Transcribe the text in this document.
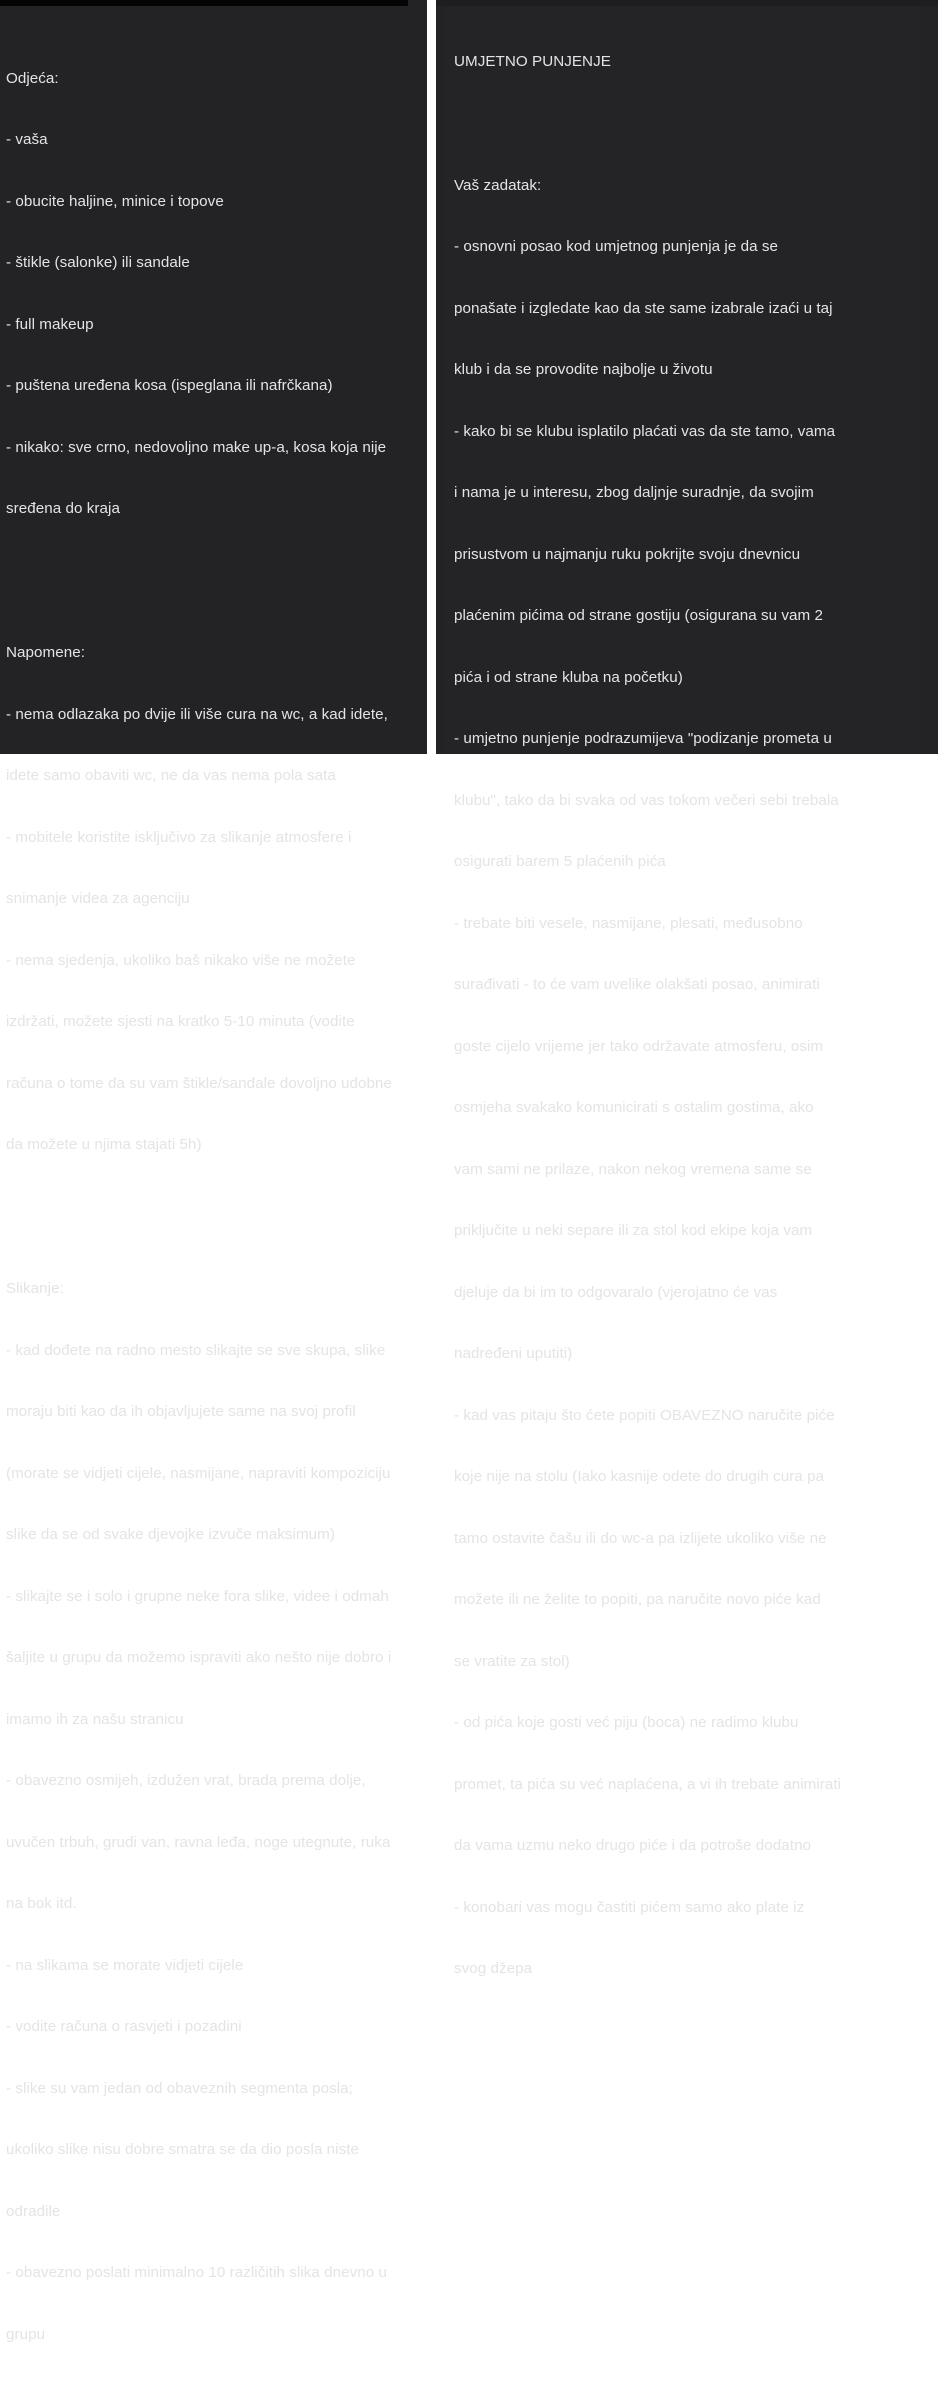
Odjeća:

- vaša

- obucite haljine, minice i topove

- štikle (salonke) ili sandale

- full makeup

- puštena uređena kosa (ispeglana ili nafrčkana)

- nikako: sve crno, nedovoljno make up-a, kosa koja nije

sređena do kraja

Napomene:

- nema odlazaka po dvije ili više cura na wc, a kad idete,

idete samo obaviti wc, ne da vas nema pola sata

- mobitele koristite isključivo za slikanje atmosfere i

snimanje videa za agenciju

- nema sjedenja, ukoliko baš nikako više ne možete

izdržati, možete sjesti na kratko 5-10 minuta (vodite

računa o tome da su vam štikle/sandale dovoljno udobne

da možete u njima stajati 5h)

Slikanje:

- kad dođete na radno mesto slikajte se sve skupa, slike

moraju biti kao da ih objavljujete same na svoj profil

(morate se vidjeti cijele, nasmijane, napraviti kompoziciju

slike da se od svake djevojke izvuče maksimum)

- slikajte se i solo i grupne neke fora slike, videe i odmah

šaljite u grupu da možemo ispraviti ako nešto nije dobro i

imamo ih za našu stranicu

- obavezno osmijeh, izdužen vrat, brada prema dolje,

uvučen trbuh, grudi van, ravna leđa, noge utegnute, ruka

na bok itd.

- na slikama se morate vidjeti cijele

- vodite računa o rasvjeti i pozadini

- slike su vam jedan od obaveznih segmenta posla;

ukoliko slike nisu dobre smatra se da dio posla niste

odradile

- obavezno poslati minimalno 10 različitih slika dnevno u

grupu

UMJETNO PUNJENJE

Vaš zadatak:

- osnovni posao kod umjetnog punjenja je da se

ponašate i izgledate kao da ste same izabrale izaći u taj

klub i da se provodite najbolje u životu

- kako bi se klubu isplatilo plaćati vas da ste tamo, vama

i nama je u interesu, zbog daljnje suradnje, da svojim

prisustvom u najmanju ruku pokrijte svoju dnevnicu

plaćenim pićima od strane gostiju (osigurana su vam 2

pića i od strane kluba na početku)

- umjetno punjenje podrazumijeva "podizanje prometa u

klubu", tako da bi svaka od vas tokom večeri sebi trebala

osigurati barem 5 plaćenih pića

- trebate biti vesele, nasmijane, plesati, međusobno

surađivati - to će vam uvelike olakšati posao, animirati

goste cijelo vrijeme jer tako održavate atmosferu, osim

osmjeha svakako komunicirati s ostalim gostima, ako

vam sami ne prilaze, nakon nekog vremena same se

priključite u neki separe ili za stol kod ekipe koja vam

djeluje da bi im to odgovaralo (vjerojatno će vas

nadređeni uputiti)

- kad vas pitaju što ćete popiti OBAVEZNO naručite piće

koje nije na stolu (Iako kasnije odete do drugih cura pa

tamo ostavite čašu ili do wc-a pa izlijete ukoliko više ne

možete ili ne želite to popiti, pa naručite novo piće kad

se vratite za stol)

- od pića koje gosti već piju (boca) ne radimo klubu

promet, ta pića su već naplaćena, a vi ih trebate animirati

da vama uzmu neko drugo piće i da potroše dodatno

- konobari vas mogu častiti pićem samo ako plate iz

svog džepa
